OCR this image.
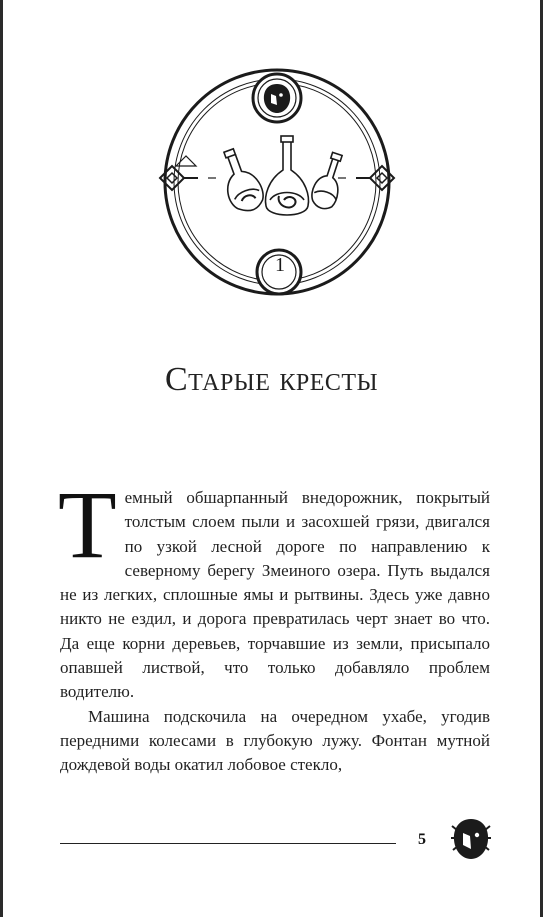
1
Старые кресты

Темный обшарпанный внедорожник, покрытый толстым слоем пыли и засохшей грязи, двигался по узкой лесной дороге по направлению к северному берегу Змеиного озера. Путь выдался не из легких, сплошные ямы и рытвины. Здесь уже давно никто не ездил, и дорога превратилась черт знает во что. Да еще корни деревьев, торчавшие из земли, присыпало опавшей листвой, что только добавляло проблем водителю.

Машина подскочила на очередном ухабе, угодив передними колесами в глубокую лужу. Фонтан мутной дождевой воды окатил лобовое стекло,

5
